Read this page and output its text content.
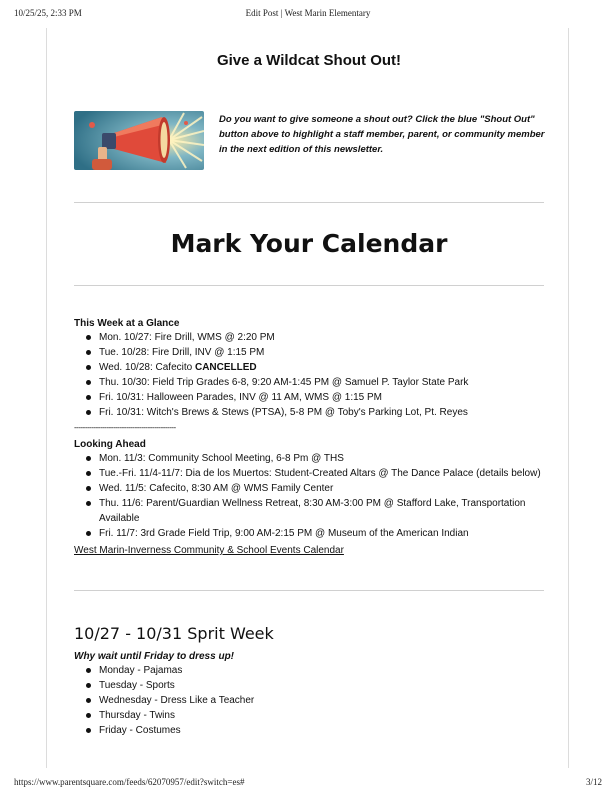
10/25/25, 2:33 PM	Edit Post | West Marin Elementary
Give a Wildcat Shout Out!
Do you want to give someone a shout out? Click the blue "Shout Out" button above to highlight a staff member, parent, or community member in the next edition of this newsletter.
Mark Your Calendar
This Week at a Glance
Mon. 10/27: Fire Drill, WMS @ 2:20 PM
Tue. 10/28: Fire Drill, INV @ 1:15 PM
Wed. 10/28: Cafecito CANCELLED
Thu. 10/30: Field Trip Grades 6-8, 9:20 AM-1:45 PM @ Samuel P. Taylor State Park
Fri. 10/31: Halloween Parades, INV @ 11 AM, WMS @ 1:15 PM
Fri. 10/31: Witch's Brews & Stews (PTSA), 5-8 PM @ Toby's Parking Lot, Pt. Reyes
-----------------------------------------------
Looking Ahead
Mon. 11/3: Community School Meeting, 6-8 Pm @ THS
Tue.-Fri. 11/4-11/7: Dia de los Muertos: Student-Created Altars @ The Dance Palace (details below)
Wed. 11/5: Cafecito, 8:30 AM @ WMS Family Center
Thu. 11/6: Parent/Guardian Wellness Retreat, 8:30 AM-3:00 PM @ Stafford Lake, Transportation Available
Fri. 11/7: 3rd Grade Field Trip, 9:00 AM-2:15 PM @ Museum of the American Indian
West Marin-Inverness Community & School Events Calendar
10/27 - 10/31 Sprit Week
Why wait until Friday to dress up!
Monday - Pajamas
Tuesday - Sports
Wednesday - Dress Like a Teacher
Thursday - Twins
Friday - Costumes
https://www.parentsquare.com/feeds/62070957/edit?switch=es#	3/12
